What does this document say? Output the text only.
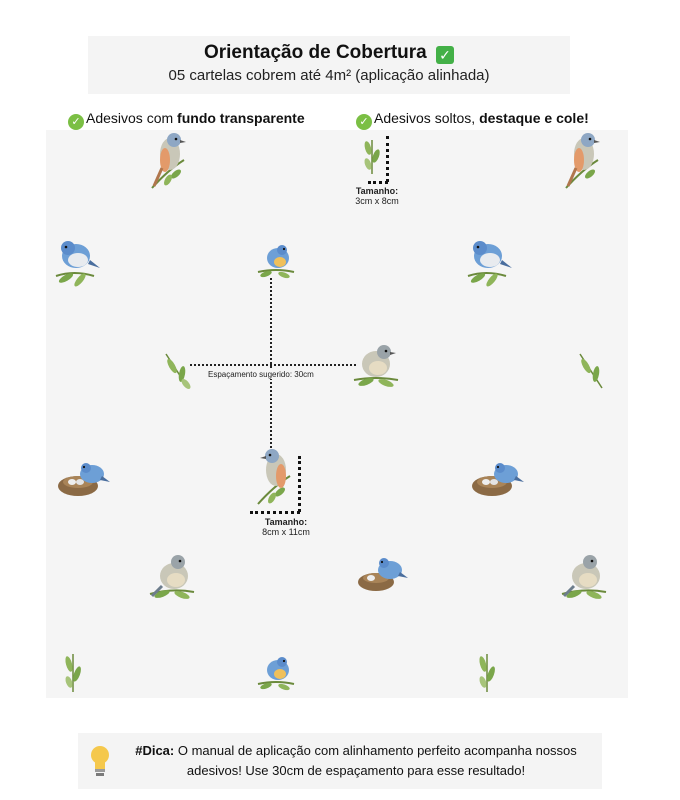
Orientação de Cobertura ✓
05 cartelas cobrem até 4m² (aplicação alinhada)
✓ Adesivos com fundo transparente	✓ Adesivos soltos, destaque e cole!
Tamanho:
3cm x 8cm
Espaçamento sugerido: 30cm
Tamanho:
8cm x 11cm
#Dica: O manual de aplicação com alinhamento perfeito acompanha nossos adesivos! Use 30cm de espaçamento para esse resultado!
